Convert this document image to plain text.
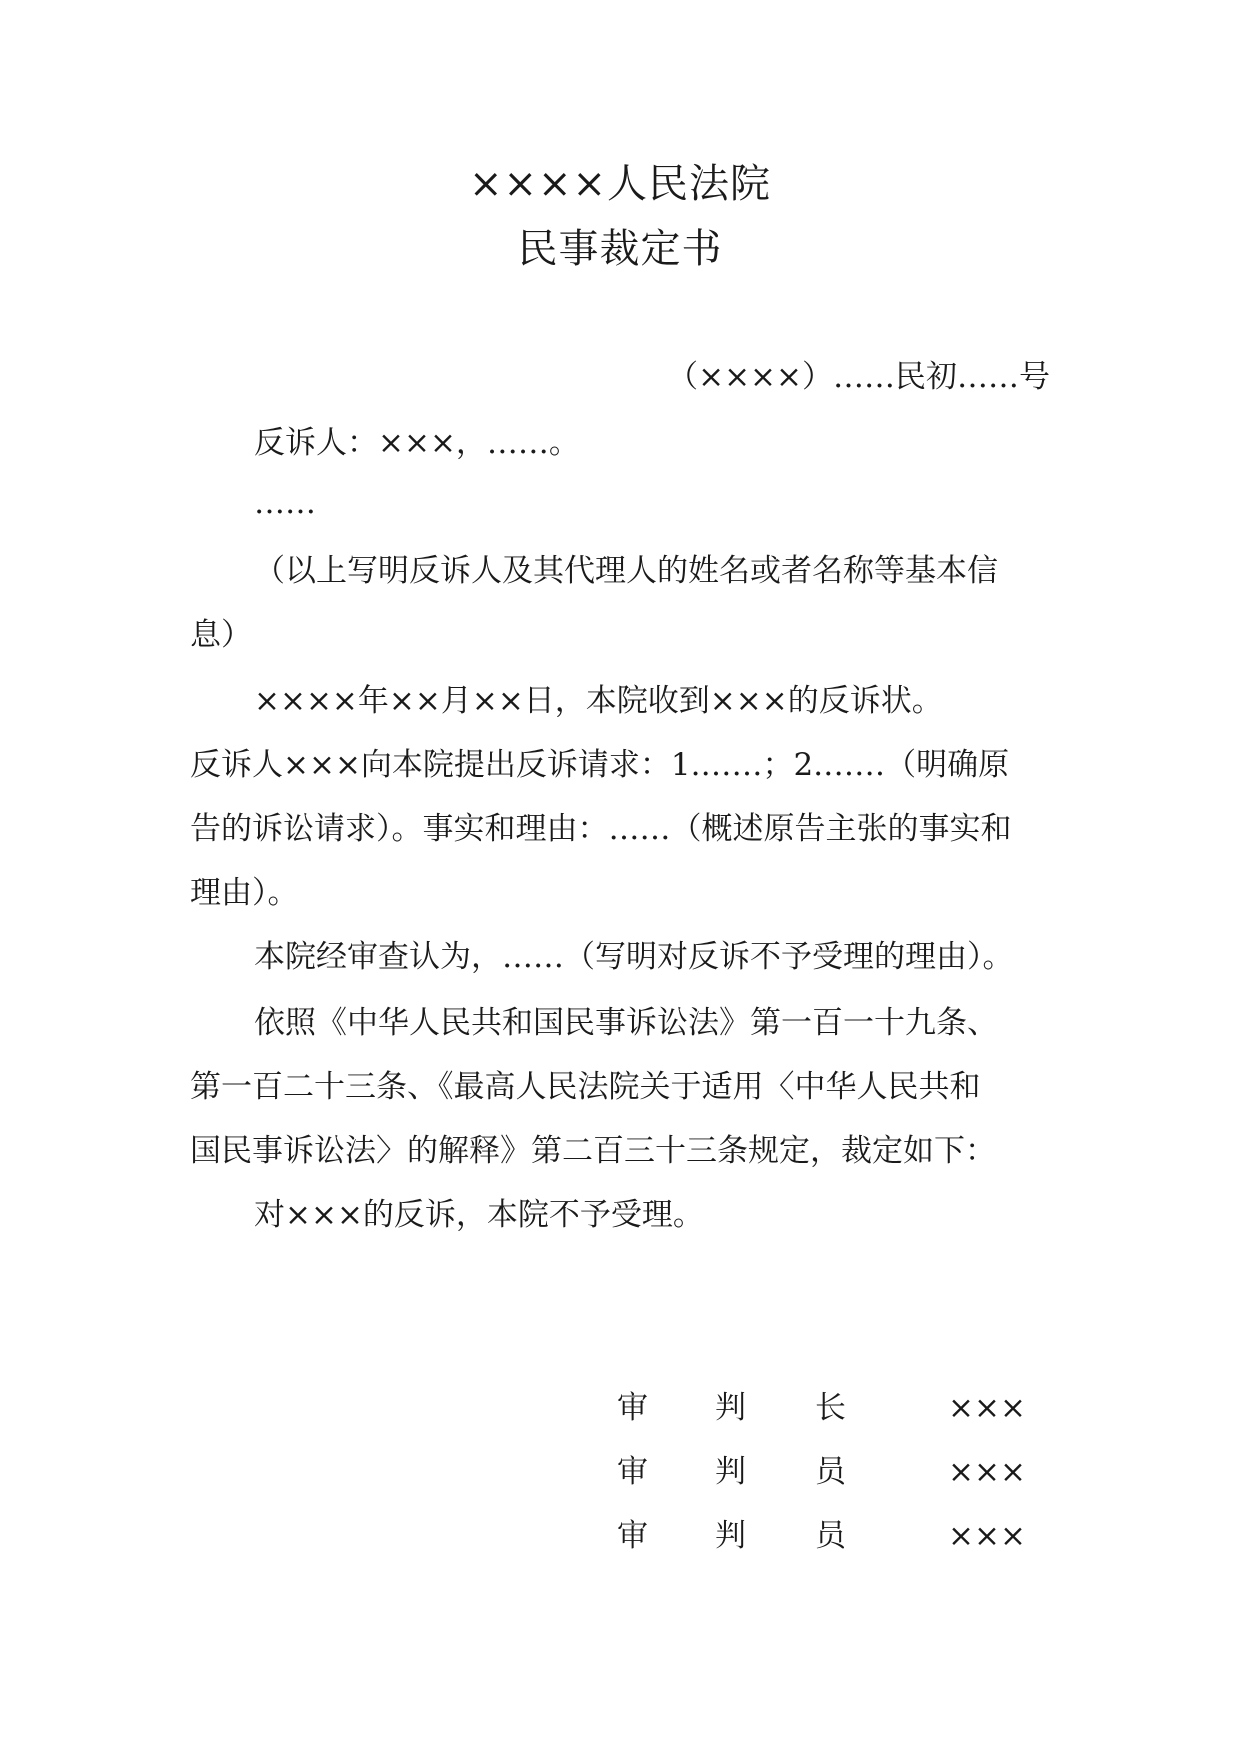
××××人民法院
民事裁定书
（××××）……民初……号
反诉人：×××，……。
……
（以上写明反诉人及其代理人的姓名或者名称等基本信
息）
××××年××月××日，本院收到×××的反诉状。
反诉人×××向本院提出反诉请求：1.……；2.……（明确原
告的诉讼请求）。事实和理由：……（概述原告主张的事实和
理由）。
本院经审查认为，……（写明对反诉不予受理的理由）。
依照《中华人民共和国民事诉讼法》第一百一十九条、
第一百二十三条、《最高人民法院关于适用〈中华人民共和
国民事诉讼法〉的解释》第二百三十三条规定，裁定如下：
对×××的反诉，本院不予受理。
审 判 长	×××
审 判 员	×××
审 判 员	×××
